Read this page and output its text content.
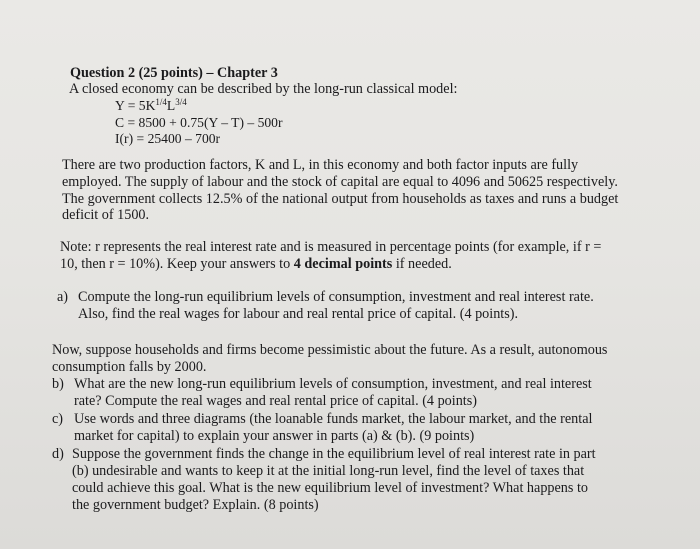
Question 2 (25 points) – Chapter 3
A closed economy can be described by the long-run classical model:
$Y = 5K^{1/4}L^{3/4}$
C = 8500 + 0.75(Y – T) – 500r
I(r) = 25400 – 700r
There are two production factors, K and L, in this economy and both factor inputs are fully
employed. The supply of labour and the stock of capital are equal to 4096 and 50625 respectively.
The government collects 12.5% of the national output from households as taxes and runs a budget
deficit of 1500.
Note: r represents the real interest rate and is measured in percentage points (for example, if r =
10, then r = 10%). Keep your answers to 4 decimal points if needed.
a) Compute the long-run equilibrium levels of consumption, investment and real interest rate.
Also, find the real wages for labour and real rental price of capital. (4 points).
Now, suppose households and firms become pessimistic about the future. As a result, autonomous
consumption falls by 2000.
b) What are the new long-run equilibrium levels of consumption, investment, and real interest
rate? Compute the real wages and real rental price of capital. (4 points)
c) Use words and three diagrams (the loanable funds market, the labour market, and the rental
market for capital) to explain your answer in parts (a) & (b). (9 points)
d) Suppose the government finds the change in the equilibrium level of real interest rate in part
(b) undesirable and wants to keep it at the initial long-run level, find the level of taxes that
could achieve this goal. What is the new equilibrium level of investment? What happens to
the government budget? Explain. (8 points)
